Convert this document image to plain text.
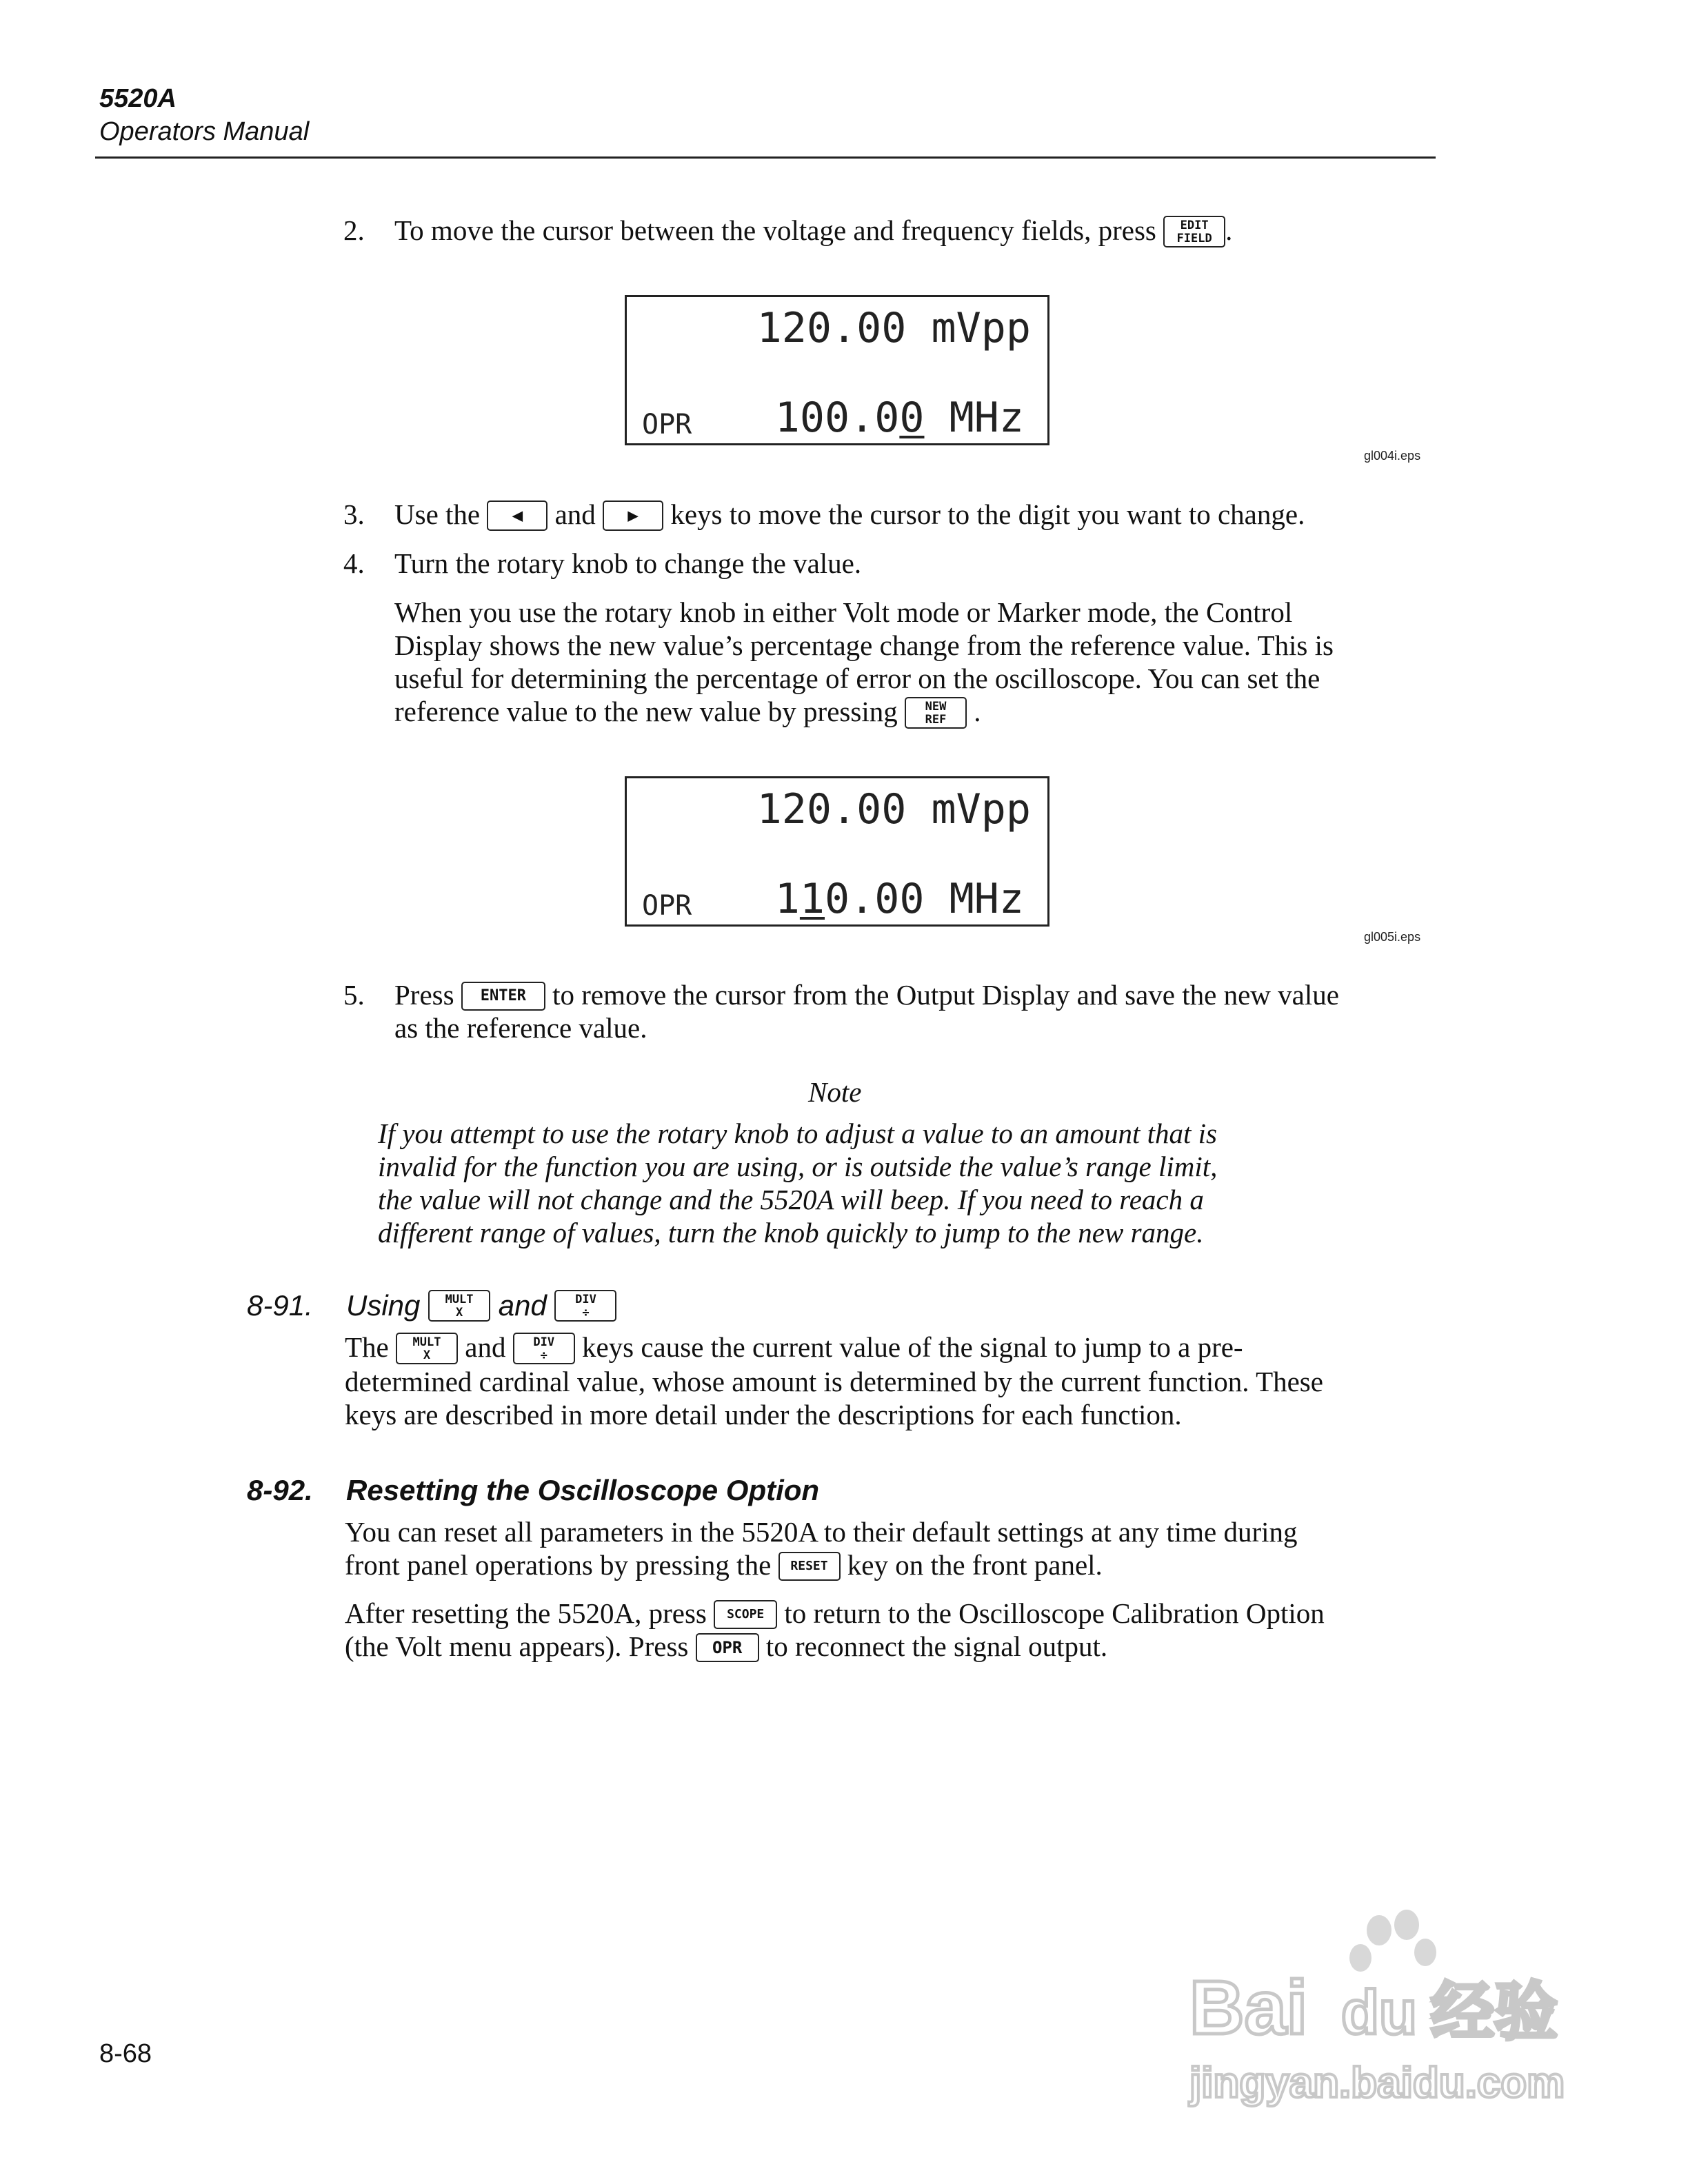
5520A
Operators Manual
2. To move the cursor between the voltage and frequency fields, press	EDIT
FIELD .
120.00 mVpp
OPR 100.00 MHz
gl004i.eps
3. Use the ◀ and ▶ keys to move the cursor to the digit you want to change.
4. Turn the rotary knob to change the value.
When you use the rotary knob in either Volt mode or Marker mode, the Control
Display shows the new value’s percentage change from the reference value. This is
useful for determining the percentage of error on the oscilloscope. You can set the
reference value to the new value by pressing	NEW
REF .
120.00 mVpp
OPR 110.00 MHz
gl005i.eps
5. Press ENTER to remove the cursor from the Output Display and save the new value
as the reference value.
Note
If you attempt to use the rotary knob to adjust a value to an amount that is
invalid for the function you are using, or is outside the value’s range limit,
the value will not change and the 5520A will beep. If you need to reach a
different range of values, turn the knob quickly to jump to the new range.
8-91. Using	MULT
X	and	DIV
÷
The	MULT
X	and	DIV
÷	keys cause the current value of the signal to jump to a pre-
determined cardinal value, whose amount is determined by the current function. These
keys are described in more detail under the descriptions for each function.
8-92. Resetting the Oscilloscope Option
You can reset all parameters in the 5520A to their default settings at any time during
front panel operations by pressing the RESET key on the front panel.
After resetting the 5520A, press SCOPE to return to the Oscilloscope Calibration Option
(the Volt menu appears). Press OPR to reconnect the signal output.
8-68
Bai du 经验
jingyan.baidu.com
